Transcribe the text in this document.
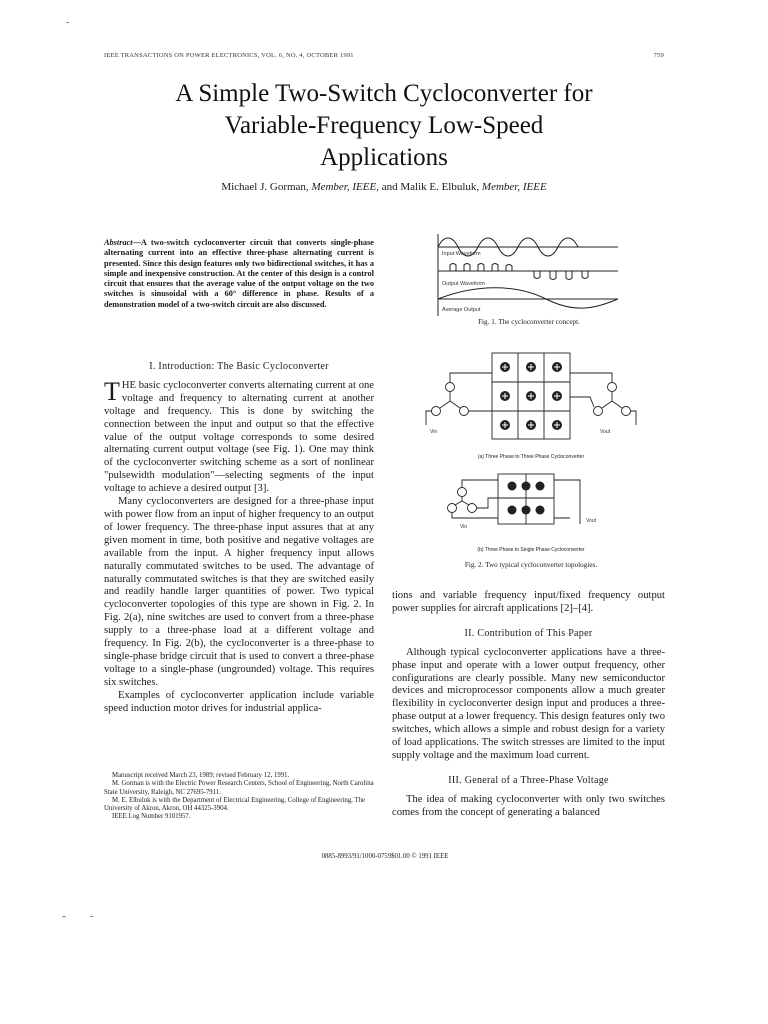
IEEE TRANSACTIONS ON POWER ELECTRONICS, VOL. 6, NO. 4, OCTOBER 1991	759
A Simple Two-Switch Cycloconverter for
Variable-Frequency Low-Speed
Applications
Michael J. Gorman, Member, IEEE, and Malik E. Elbuluk, Member, IEEE
Abstract—A two-switch cycloconverter circuit that converts single-phase alternating current into an effective three-phase alternating current is presented. Since this design features only two bidirectional switches, it has a simple and inexpensive construction. At the center of this design is a control circuit that ensures that the average value of the output voltage on the two switches is sinusoidal with a 60° difference in phase. Results of a demonstration model of a two-switch circuit are also discussed.
I. Introduction: The Basic Cycloconverter

THE basic cycloconverter converts alternating current at one voltage and frequency to alternating current at another voltage and frequency. This is done by switching the connection between the input and output so that the effective value of the output voltage corresponds to some desired alternating current output voltage (see Fig. 1). One may think of the cycloconverter switching scheme as a sort of nonlinear "pulsewidth modulation"—selecting segments of the input voltage to achieve a desired output [3].

Many cycloconverters are designed for a three-phase input with power flow from an input of higher frequency to an output of lower frequency. The three-phase input assures that at any given moment in time, both positive and negative voltages are available from the input. A higher frequency input allows naturally commutated switches to be used. The advantage of naturally commutated switches is that they are switched easily and readily handle larger quantities of power. Two typical cycloconverter topologies of this type are shown in Fig. 2. In Fig. 2(a), nine switches are used to convert from a three-phase supply to a three-phase load at a different voltage and frequency. In Fig. 2(b), the cycloconverter is a three-phase to single-phase bridge circuit that is used to convert a three-phase voltage to a single-phase (ungrounded) voltage. This requires six switches.

Examples of cycloconverter application include variable speed induction motor drives for industrial applica-

Manuscript received March 23, 1989; revised February 12, 1991.
M. Gorman is with the Electric Power Research Centers, School of Engineering, North Carolina State University, Raleigh, NC 27695-7911.
M. E. Elbuluk is with the Department of Electrical Engineering, College of Engineering, The University of Akron, Akron, OH 44325-3904.
IEEE Log Number 9101957.
Input Waveform
Output Waveform
Average Output
Fig. 1. The cycloconverter concept.
Vin	Vout
(a) Three Phase to Three Phase Cycloconverter
Vin
Vout
(b) Three Phase to Single Phase Cycloconverter
Fig. 2. Two typical cycloconverter topologies.

tions and variable frequency input/fixed frequency output power supplies for aircraft applications [2]–[4].

II. Contribution of This Paper

Although typical cycloconverter applications have a three-phase input and operate with a lower output frequency, other configurations are clearly possible. Many new semiconductor devices and microprocessor components allow a much greater flexibility in cycloconverter design input and produces a three-phase output at a lower frequency. This design features only two switches, which allows a simple and robust design for a variety of load applications. The switch stresses are limited to the input supply voltage and the maximum load current.

III. General of a Three-Phase Voltage

The idea of making cycloconverter with only two switches comes from the concept of generating a balanced

0885-8993/91/1000-0759$01.00 © 1991 IEEE
